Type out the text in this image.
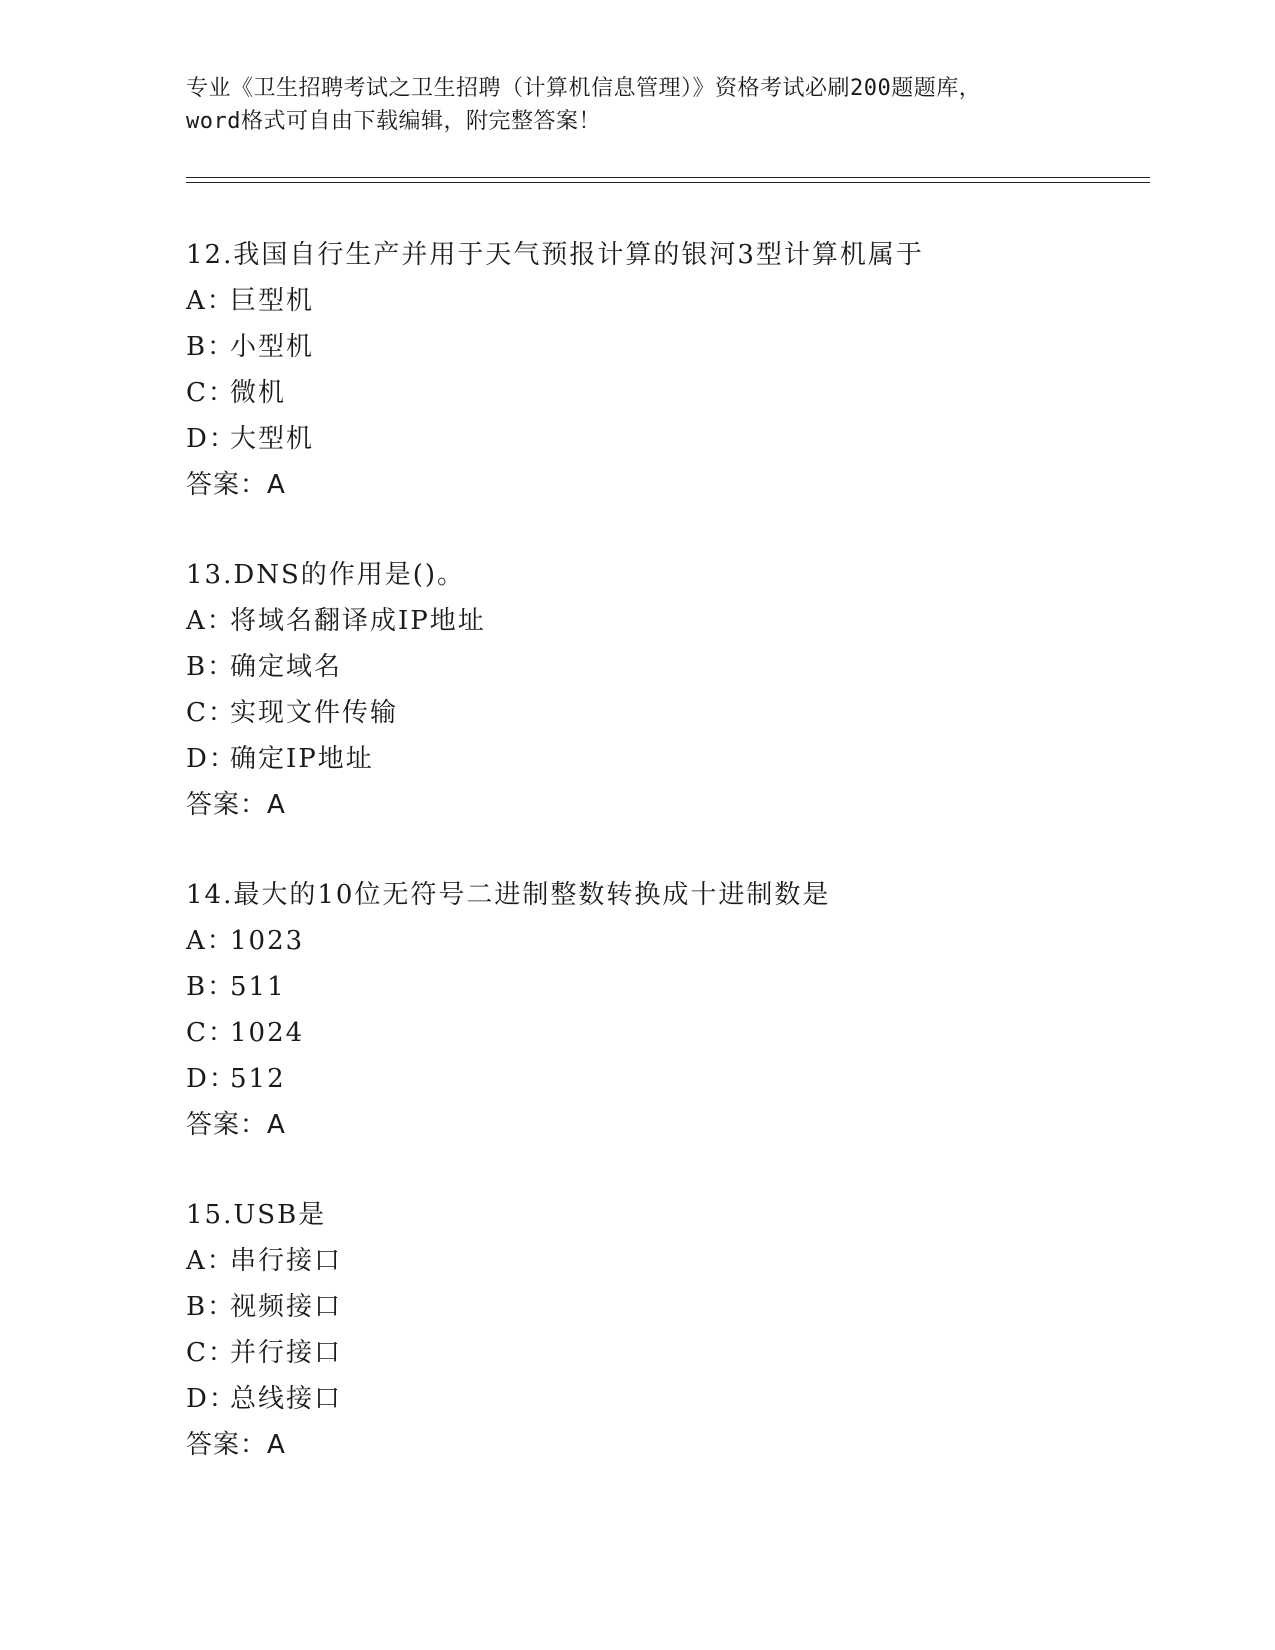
专业《卫生招聘考试之卫生招聘（计算机信息管理）》资格考试必刷200题题库，
word格式可自由下载编辑，附完整答案！
12.我国自行生产并用于天气预报计算的银河3型计算机属于
A：
巨型机
B：
小型机
C：
微机
D：
大型机
答案：A
13.DNS的作用是()。
A：
将域名翻译成IP地址
B：
确定域名
C：
实现文件传输
D：
确定IP地址
答案：A
14.最大的10位无符号二进制整数转换成十进制数是
A：
1023
B：
511
C：
1024
D：
512
答案：A
15.USB是
A：
串行接口
B：
视频接口
C：
并行接口
D：
总线接口
答案：A
